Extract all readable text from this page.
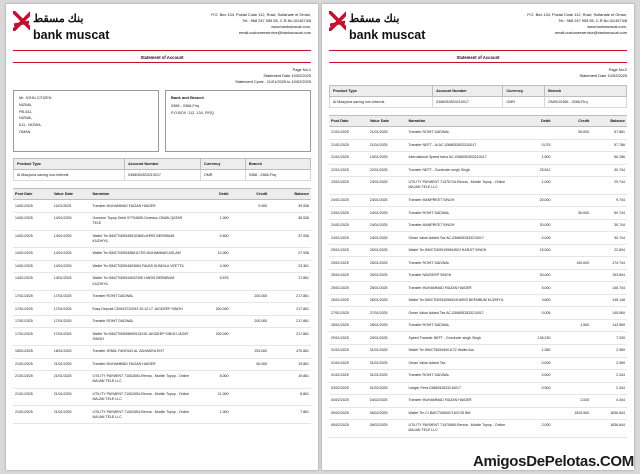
بنك مسقط
bank muscat
P.O. Box 134, Postal Code 112, Ruwi, Sultanate of Oman,
Tel.: 968 247 955 55, C.R.No.3/14573/8
www.bankmuscat.com,
email:customerservice@bankmuscat.com
Statement of Account
Page No:1
Statement Date 10/02/2025
Statement Cycle : 11/01/2025 to 10/02/2025
Mr. JOHN CITIZEN
NIZWA,
PB-611,
NIZWA,
611 - NIZWA,
OMAN
Bank and Branch
0368 - 0368-Firq
P.O.BOX :112, 134, FIRQ
Product Type	Account Number	Currency	Branch
Al Mazyona saving non-interest	0368052833210017	OMR	0368 - 0368-Firq
Post Date	Value Date	Narration	Debit	Credit	Balance
14/01/2025	11/01/2025	Transfer MUHAMMAD FAIZAN HAIDER		9.000	39.536
14/01/2025	14/01/2025	Ooredoo Topup Debit 97754659-Ooredoo OMAN QATAR TELE	1.000		38.536
14/01/2025	14/01/2025	Wallet Trn BMCT00594551036814HRIS BEEMBUM KUZHIYIL	0.600		37.936
14/01/2025	14/01/2025	Wallet Trn BMCT00594588117SS MUHAMMAD ASLAM	10.000		27.936
14/01/2025	14/01/2025	Wallet Trn BMCT00594693684 FAVAS KUNDILA VEETTIL	4.000		23.361
14/01/2025	14/01/2025	Wallet Trn BMCT00594409233K HARIS BEEMBUM KUZHIYIL	5.575		17.861
17/01/2025	17/01/2025	Transfer ROHIT DADWAL		200.000	217.861
17/01/2025	17/01/2025	Easy Deposit CDM13720293 20:12:17 JAGDEEP SINGH	200.000		217.861
17/01/2025	17/01/2025	Transfer ROHIT DADWAL		200.000	217.861
17/01/2025	17/01/2025	Wallet Trn BMCT00598699913245 JAGDEEP SINGH JAGIR SINGH	200.000		217.861
18/01/2025	18/01/2025	Transfer JEBAL FAHOUD AL ZAHABIYA ENT		253.000	470.861
21/01/2025	21/01/2025	Transfer MUHAMMAD FAIZAN HAIDER		50.000	19.861
21/01/2025	21/01/2025	UTILITY PAYMENT 71002654-Renna - Mobile Topup - Online MAJAN TELE LLC	8.000		19.861
21/01/2025	21/01/2025	UTILITY PAYMENT 71002654-Renna - Mobile Topup - Online MAJAN TELE LLC	11.000		8.861
21/01/2025	21/01/2025	UTILITY PAYMENT 71002654-Renna - Mobile Topup - Online MAJAN TELE LLC	1.000		7.861
بنك مسقط
bank muscat
P.O. Box 134, Postal Code 112, Ruwi, Sultanate of Oman,
Tel.: 968 247 955 55, C.R.No.3/14573/8
www.bankmuscat.com,
email:customerservice@bankmuscat.com
Statement of Account
Page No:2
Statement Date 10/02/2025
Product Type	Account Number	Currency	Branch
Al Mazyona saving non-interest	0368052833210017	OMR	OM0010366 - 0366-Firq
Post Date	Value Date	Narration	Debit	Credit	Balance
21/01/2025	21/01/2025	Transfer ROHIT DADWAL		50.000	57.861
21/01/2025	21/01/2025	Transfer NEFT - Al AC-0368052833210017	0.075		57.786
21/01/2025	19/01/2025	International Speed trans AC-0368052833210017	1.500		56.286
22/01/2025	22/01/2025	Transfer NEFT - Gurvinder singh Singh	25.542		30.744
23/01/2025	23/01/2025	UTILITY PAYMENT 71370744-Renna - Mobile Topup - Online MAJAN TELE LLC	1.000		29.744
24/01/2025	24/01/2025	Transfer MANPREET SINGH	20.000		9.744
24/01/2025	24/01/2025	Transfer ROHIT DADWAL		50.000	59.744
24/01/2025	24/01/2025	Transfer MANPREET SINGH	30.000		30.744
24/01/2025	24/01/2025	Oman Value Added Tax AC-0368052833210017	0.005		30.744
25/01/2025	25/01/2025	Wallet Trn BMCT00591996945GI HARJIT SINGH	15.000		22.694
25/01/2025	25/01/2025	Transfer ROHIT DADWAL		150.000	174.744
25/01/2025	25/01/2025	Transfer NAVDEEP SINGH	30.000		153.694
25/01/2025	25/01/2025	Transfer MUHAMMAD FAIZAN HAIDER	5.000		148.744
26/01/2025	26/01/2025	Wallet Trn BMCT00934056524HARIS BEEMBUM KUZHIYIL	3.600		145.148
27/01/2025	27/01/2025	Oman Value Added Tax AC-0368052833210017	0.005		145.069
28/01/2025	28/01/2025	Transfer ROHIT DADWAL		1.500	143.569
29/01/2025	29/01/2025	Speed Transfer NEFT - Gurvinder singh Singh	136.230		7.339
31/01/2025	31/01/2025	Wallet Trn BMCT50549001172 Wallet Acc	1.380		2.969
31/01/2025	31/01/2025	Oman Value Added Tax	0.005		2.969
31/01/2025	31/01/2025	Transfer ROHIT DADWAL	0.500		2.344
03/02/2025	01/02/2025	Ledger Fees 0368052833210017	0.500		2.344
04/02/2025	04/02/2025	Transfer MUHAMMAD FAIZAN HAIDER		2.000	4.344
05/02/2025	05/02/2025	Wallet Trn Cr BMCT00600716374S BM		1825.500	1836.844
05/02/2025	05/02/2025	UTILITY PAYMENT 71470869-Renna - Mobile Topup - Online MAJAN TELE LLC	2.000		1836.844
AmigosDePelotas.COM
